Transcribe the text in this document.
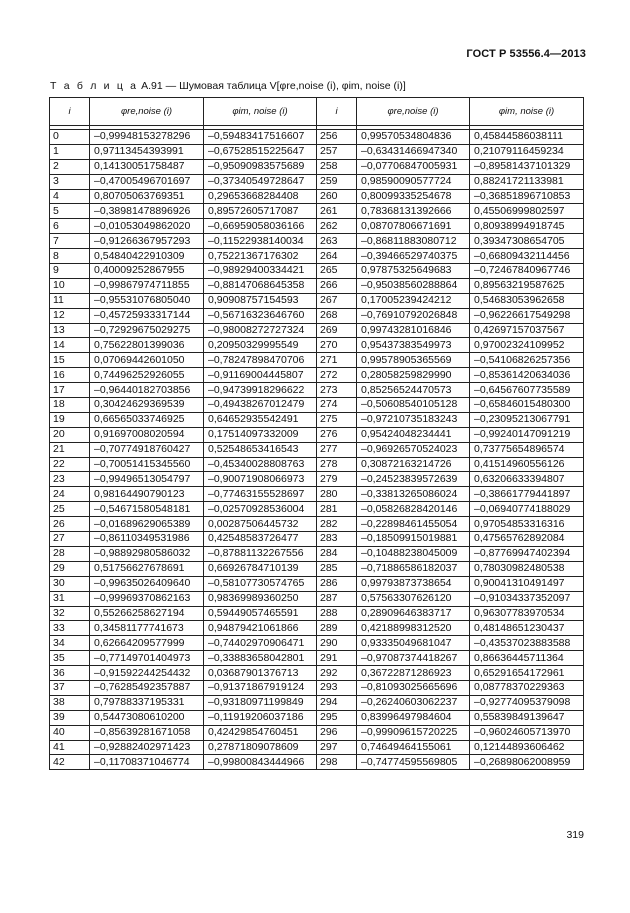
ГОСТ Р 53556.4—2013
Т а б л и ц а А.91 — Шумовая таблица V[φre,noise (i), φim, noise (i)]
i	φre,noise (i)	φim, noise (i)	i	φre,noise (i)	φim, noise (i)

0	–0,99948153278296	–0,59483417516607	256	0,99570534804836	0,45844586038111
1	0,97113454393991	–0,67528515225647	257	–0,63431466947340	0,21079116459234
2	0,14130051758487	–0,95090983575689	258	–0,07706847005931	–0,89581437101329
3	–0,47005496701697	–0,37340549728647	259	0,98590090577724	0,88241721133981
4	0,80705063769351	0,29653668284408	260	0,80099335254678	–0,36851896710853
5	–0,38981478896926	0,89572605717087	261	0,78368131392666	0,45506999802597
6	–0,01053049862020	–0,66959058036166	262	0,08707806671691	0,80938994918745
7	–0,91266367957293	–0,11522938140034	263	–0,86811883080712	0,39347308654705
8	0,54840422910309	0,75221367176302	264	–0,39466529740375	–0,66809432114456
9	0,40009252867955	–0,98929400334421	265	0,97875325649683	–0,72467840967746
10	–0,99867974711855	–0,88147068645358	266	–0,95038560288864	0,89563219587625
11	–0,95531076805040	0,90908757154593	267	0,17005239424212	0,54683053962658
12	–0,45725933317144	–0,56716323646760	268	–0,76910792026848	–0,96226617549298
13	–0,72929675029275	–0,98008272727324	269	0,99743281016846	0,42697157037567
14	0,75622801399036	0,20950329995549	270	0,95437383549973	0,97002324109952
15	0,07069442601050	–0,78247898470706	271	0,99578905365569	–0,54106826257356
16	0,74496252926055	–0,91169004445807	272	0,28058259829990	–0,85361420634036
17	–0,96440182703856	–0,94739918296622	273	0,85256524470573	–0,64567607735589
18	0,30424629369539	–0,49438267012479	274	–0,50608540105128	–0,65846015480300
19	0,66565033746925	0,64652935542491	275	–0,97210735183243	–0,23095213067791
20	0,91697008020594	0,17514097332009	276	0,95424048234441	–0,99240147091219
21	–0,70774918760427	0,52548653416543	277	–0,96926570524023	0,73775654896574
22	–0,70051415345560	–0,45340028808763	278	0,30872163214726	0,41514960556126
23	–0,99496513054797	–0,90071908066973	279	–0,24523839572639	0,63206633394807
24	0,98164490790123	–0,77463155528697	280	–0,33813265086024	–0,38661779441897
25	–0,54671580548181	–0,02570928536004	281	–0,05826828420146	–0,06940774188029
26	–0,01689629065389	0,00287506445732	282	–0,22898461455054	0,97054853316316
27	–0,86110349531986	0,42548583726477	283	–0,18509915019881	0,47565762892084
28	–0,98892980586032	–0,87881132267556	284	–0,10488238045009	–0,87769947402394
29	0,51756627678691	0,66926784710139	285	–0,71886586182037	0,78030982480538
30	–0,99635026409640	–0,58107730574765	286	0,99793873738654	0,90041310491497
31	–0,99969370862163	0,98369989360250	287	0,57563307626120	–0,91034337352097
32	0,55266258627194	0,59449057465591	288	0,28909646383717	0,96307783970534
33	0,34581177741673	0,94879421061866	289	0,42188998312520	0,48148651230437
34	0,62664209577999	–0,74402970906471	290	0,93335049681047	–0,43537023883588
35	–0,77149701404973	–0,33883658042801	291	–0,97087374418267	0,86636445711364
36	–0,91592244254432	0,03687901376713	292	0,36722871286923	0,65291654172961
37	–0,76285492357887	–0,91371867919124	293	–0,81093025665696	0,08778370229363
38	0,79788337195331	–0,93180971199849	294	–0,26240603062237	–0,92774095379098
39	0,54473080610200	–0,11919206037186	295	0,83996497984604	0,55839849139647
40	–0,85639281671058	0,42429854760451	296	–0,99909615720225	–0,96024605713970
41	–0,92882402971423	0,27871809078609	297	0,74649464155061	0,12144893606462
42	–0,11708371046774	–0,99800843444966	298	–0,74774595569805	–0,26898062008959
319
